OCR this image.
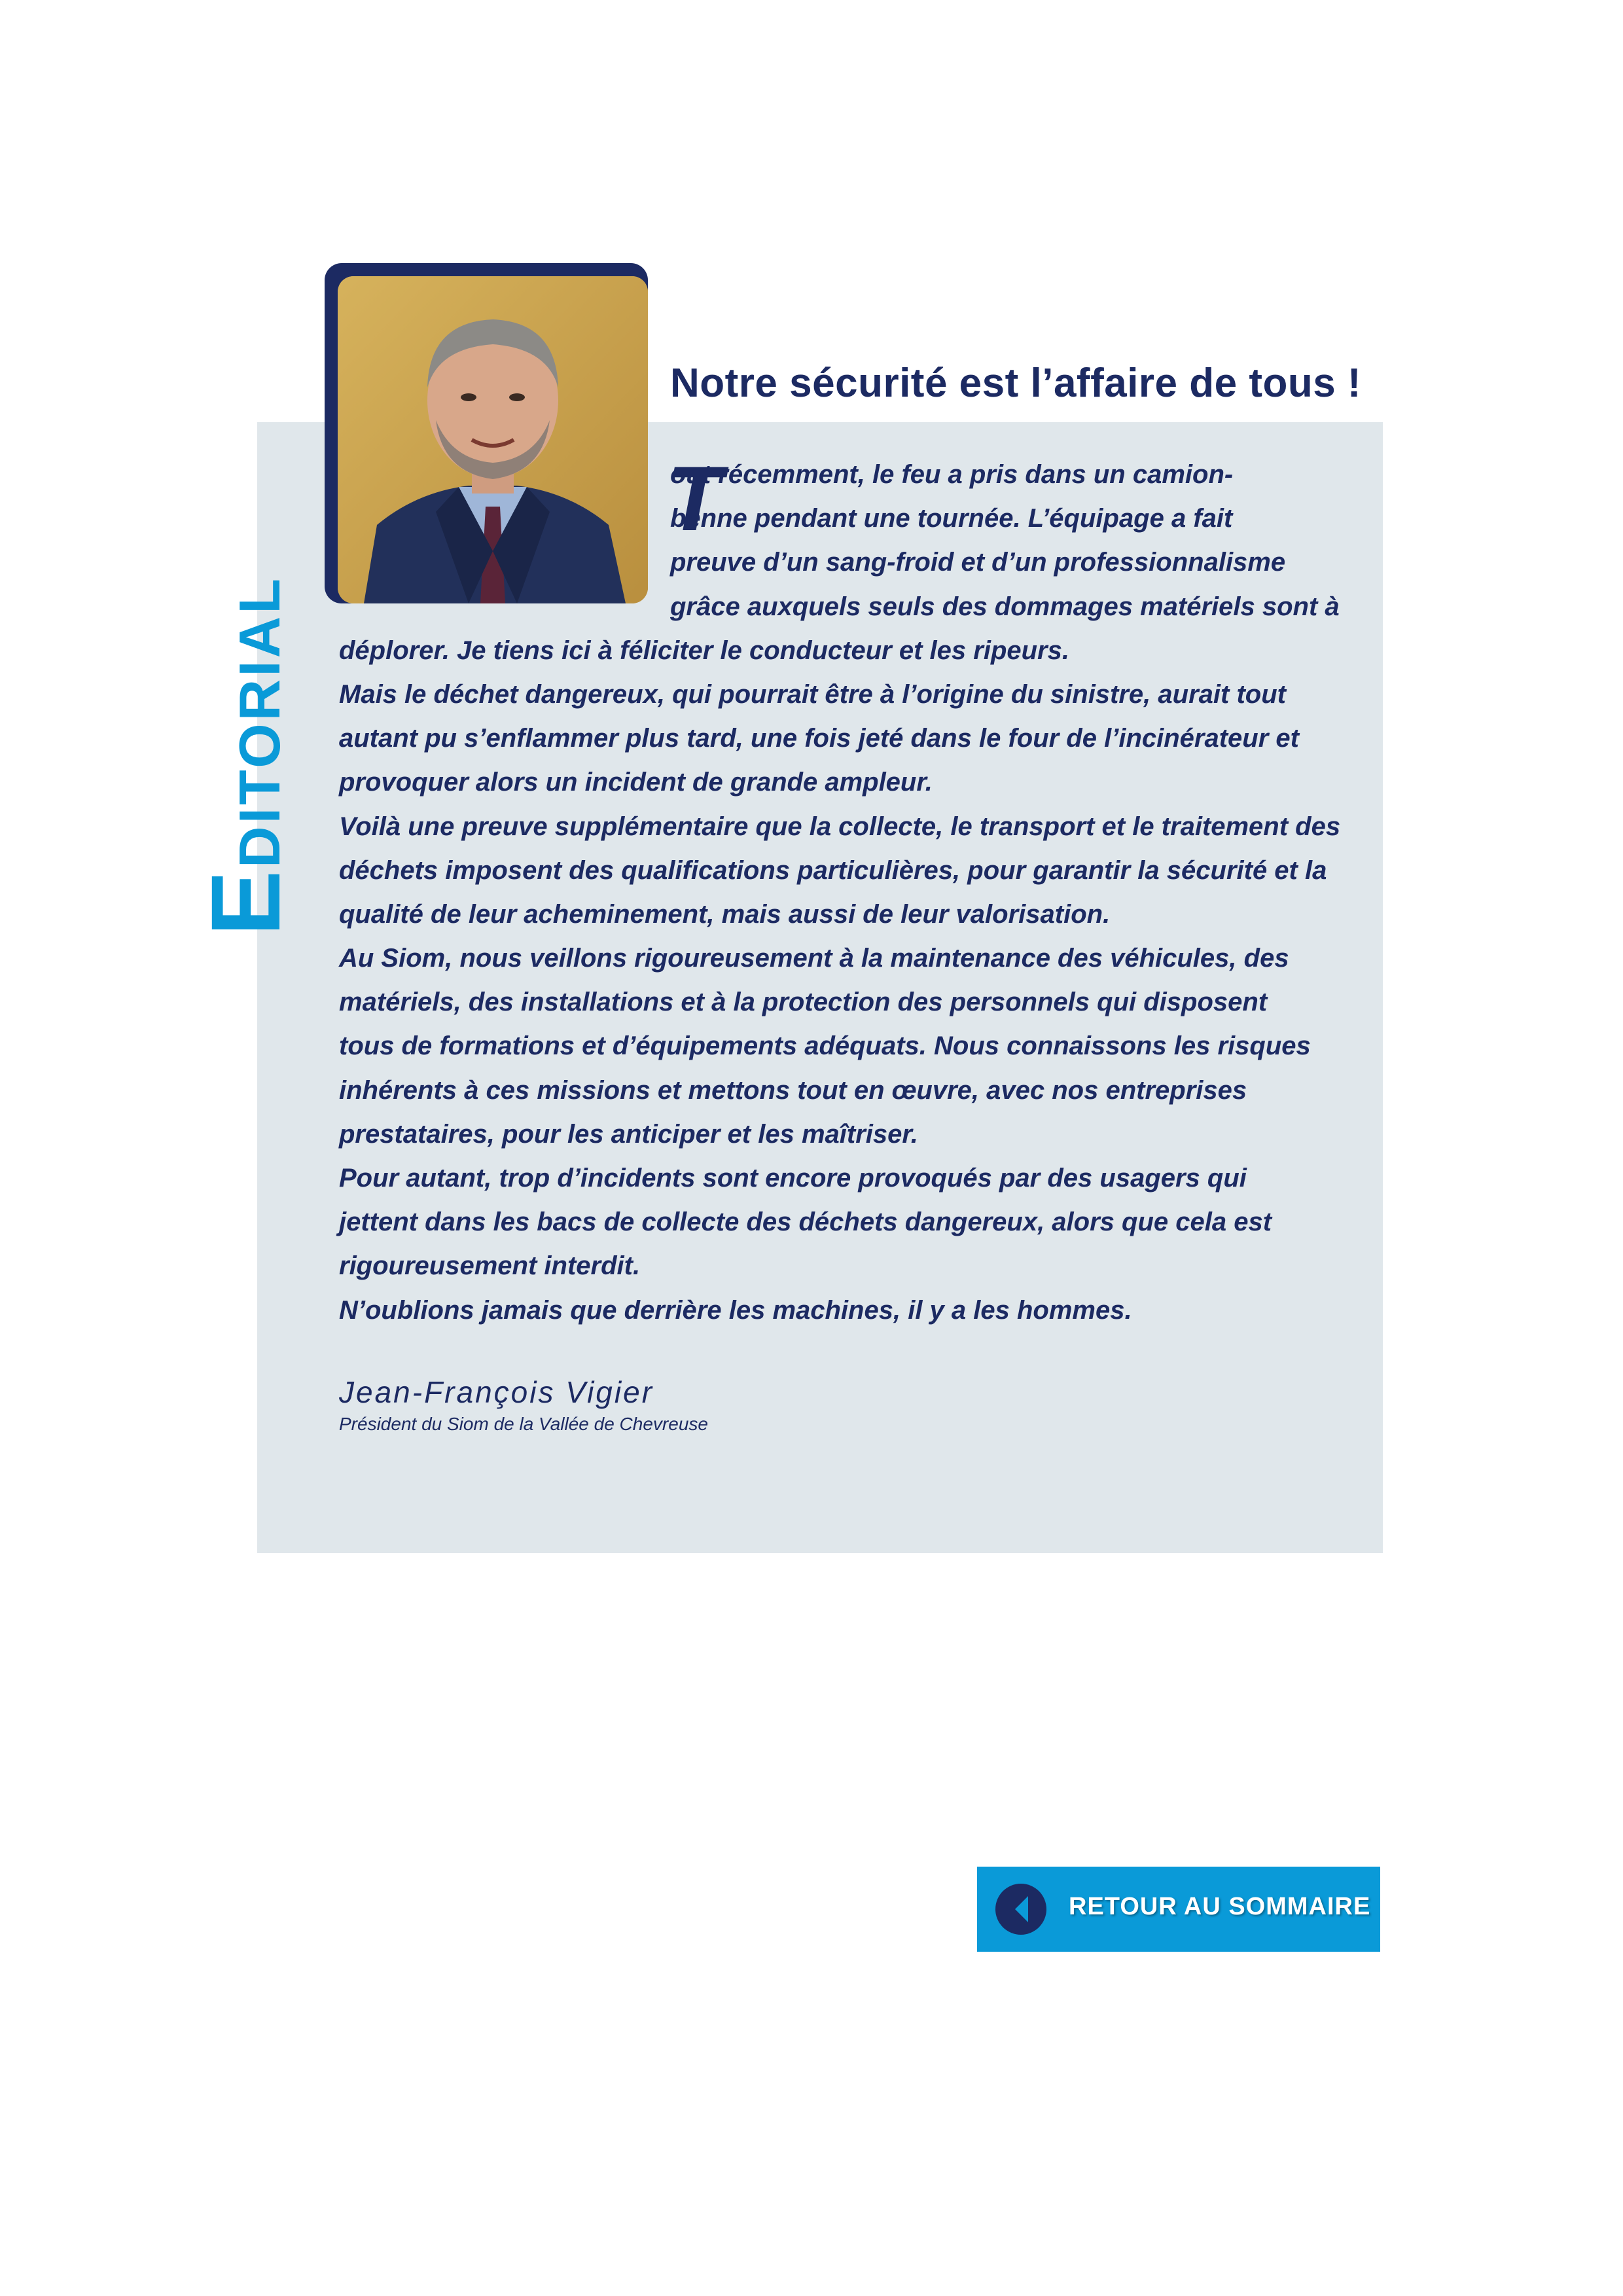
EDITORIAL
Notre sécurité est l’affaire de tous !
T
out récemment, le feu a pris dans un camion-
benne pendant une tournée. L’équipage a fait
preuve d’un sang-froid et d’un professionnalisme
grâce auxquels seuls des dommages matériels sont à
déplorer. Je tiens ici à féliciter le conducteur et les ripeurs.
Mais le déchet dangereux, qui pourrait être à l’origine du sinistre, aurait tout
autant pu s’enflammer plus tard, une fois jeté dans le four de l’incinérateur et
provoquer alors un incident de grande ampleur.
Voilà une preuve supplémentaire que la collecte, le transport et le traitement des
déchets imposent des qualifications particulières, pour garantir la sécurité et la
qualité de leur acheminement, mais aussi de leur valorisation.
Au Siom, nous veillons rigoureusement à la maintenance des véhicules, des
matériels, des installations et à la protection des personnels qui disposent
tous de formations et d’équipements adéquats. Nous connaissons les risques
inhérents à ces missions et mettons tout en œuvre, avec nos entreprises
prestataires, pour les anticiper et les maîtriser.
Pour autant, trop d’incidents sont encore provoqués par des usagers qui
jettent dans les bacs de collecte des déchets dangereux, alors que cela est
rigoureusement interdit.
N’oublions jamais que derrière les machines, il y a les hommes.
Jean-François Vigier
Président du Siom de la Vallée de Chevreuse
RETOUR AU SOMMAIRE
